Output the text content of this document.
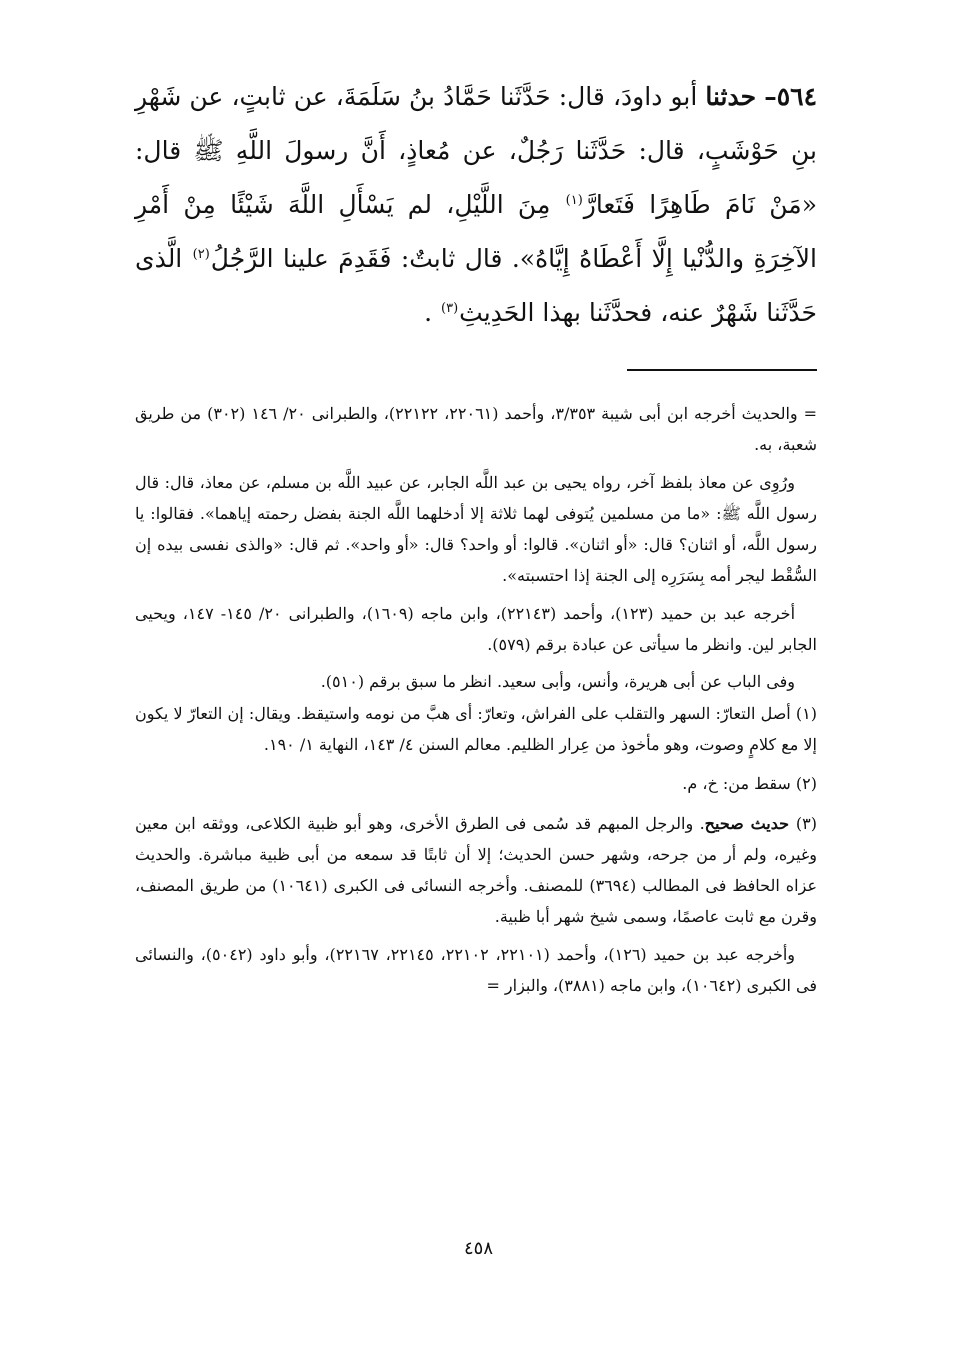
٥٦٤– حدثنا أبو داودَ، قال: حَدَّثَنا حَمَّادُ بنُ سَلَمَةَ، عن ثابتٍ، عن شَهْرِ بنِ حَوْشَبٍ، قال: حَدَّثَنا رَجُلٌ، عن مُعاذٍ، أَنَّ رسولَ اللَّهِ ﷺ قال: «مَنْ نَامَ طَاهِرًا فَتَعارَّ$^{(١)}$ مِنَ اللَّيْلِ، لم يَسْأَلِ اللَّهَ شَيْئًا مِنْ أَمْرِ الآخِرَةِ والدُّنْيا إِلَّا أَعْطَاهُ إِيَّاهُ». قال ثابتٌ: فَقَدِمَ علينا الرَّجُلُ$^{(٢)}$ الَّذى حَدَّثَنا شَهْرٌ عنه، فحدَّثَنا بهذا الحَدِيثِ$^{(٣)}$ .

= والحديث أخرجه ابن أبى شيبة ٣/٣٥٣، وأحمد (٢٢٠٦١، ٢٢١٢٢)، والطبرانى ٢٠/ ١٤٦ (٣٠٢) من طريق شعبة، به.

ورُوِى عن معاذ بلفظ آخر، رواه يحيى بن عبد اللَّه الجابر، عن عبيد اللَّه بن مسلم، عن معاذ، قال: قال رسول اللَّه ﷺ: «ما من مسلمين يُتوفى لهما ثلاثة إلا أدخلهما اللَّه الجنة بفضل رحمته إياهما». فقالوا: يا رسول اللَّه، أو اثنان؟ قال: «أو اثنان». قالوا: أو واحد؟ قال: «أو واحد». ثم قال: «والذى نفسى بيده إن السُّقْط ليجر أمه بِسَرَرِه إلى الجنة إذا احتسبته».

أخرجه عبد بن حميد (١٢٣)، وأحمد (٢٢١٤٣)، وابن ماجه (١٦٠٩)، والطبرانى ٢٠/ ١٤٥- ١٤٧، ويحيى الجابر لين. وانظر ما سيأتى عن عبادة برقم (٥٧٩).

وفى الباب عن أبى هريرة، وأنس، وأبى سعيد. انظر ما سبق برقم (٥١٠).

(١) أصل التعارّ: السهر والتقلب على الفراش، وتعارّ: أى هبَّ من نومه واستيقظ. ويقال: إن التعارّ لا يكون إلا مع كلامٍ وصوت، وهو مأخوذ من عِرار الظليم. معالم السنن ٤/ ١٤٣، النهاية ١/ ١٩٠.

(٢) سقط من: خ، م.

(٣) حديث صحيح. والرجل المبهم قد سُمى فى الطرق الأخرى، وهو أبو ظبية الكلاعى، ووثقه ابن معين وغيره، ولم أر من جرحه، وشهر حسن الحديث؛ إلا أن ثابتًا قد سمعه من أبى ظبية مباشرة. والحديث عزاه الحافظ فى المطالب (٣٦٩٤) للمصنف. وأخرجه النسائى فى الكبرى (١٠٦٤١) من طريق المصنف، وقرن مع ثابت عاصمًا، وسمى شيخ شهر أبا ظبية.

وأخرجه عبد بن حميد (١٢٦)، وأحمد (٢٢١٠١، ٢٢١٠٢، ٢٢١٤٥، ٢٢١٦٧)، وأبو داود (٥٠٤٢)، والنسائى فى الكبرى (١٠٦٤٢)، وابن ماجه (٣٨٨١)، والبزار =

٤٥٨
